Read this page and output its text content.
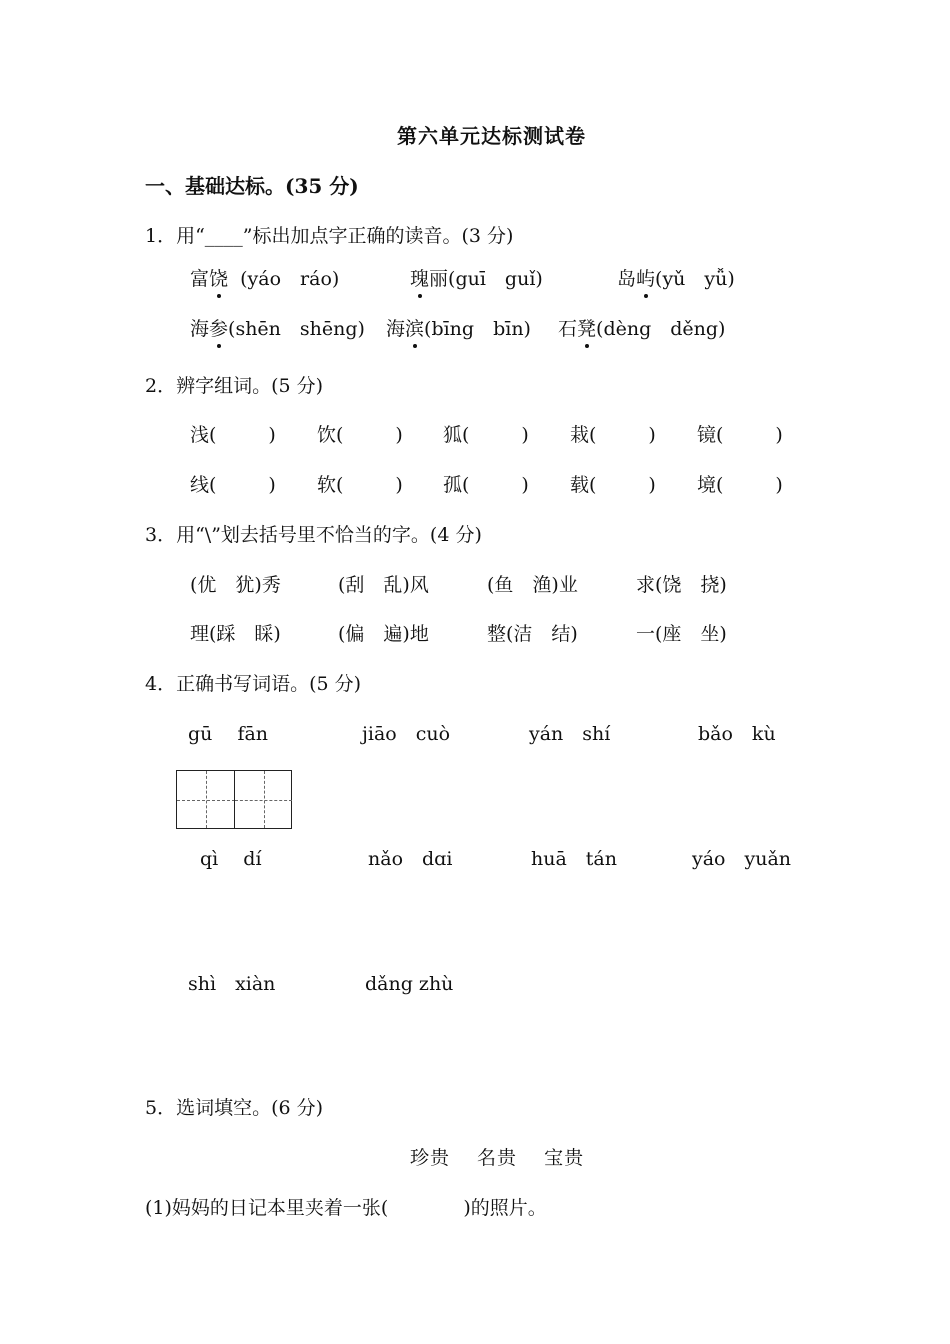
第六单元达标测试卷
一、基础达标。(35 分)
1．用“____”标出加点字正确的读音。(3 分)
富饶 (yáo　ráo)	瑰丽(guī　guǐ)	岛屿(yǔ　yǚ)
海参(shēn　shēng) 海滨(bīng　bīn) 石凳(dèng　děng)
2．辨字组词。(5 分)
浅(	) 饮(	) 狐(	) 栽(	) 镜(	)
线(	) 软(	) 孤(	) 载(	) 境(	)
3．用“\”划去括号里不恰当的字。(4 分)
(优　犹)秀	(刮　乱)风	(鱼　渔)业	求(饶　挠)
理(踩　睬)	(偏　遍)地	整(洁　结)	一(座　坐)
4．正确书写词语。(5 分)
gū　 fān	jiāo　cuò	yán　shí	bǎo　kù
qì　 dí	nǎo　dɑi	huā　tán	yáo　yuǎn
shì　xiàn	dǎng zhù
5．选词填空。(6 分)
珍贵　 名贵　 宝贵
(1)妈妈的日记本里夹着一张(	)的照片。
